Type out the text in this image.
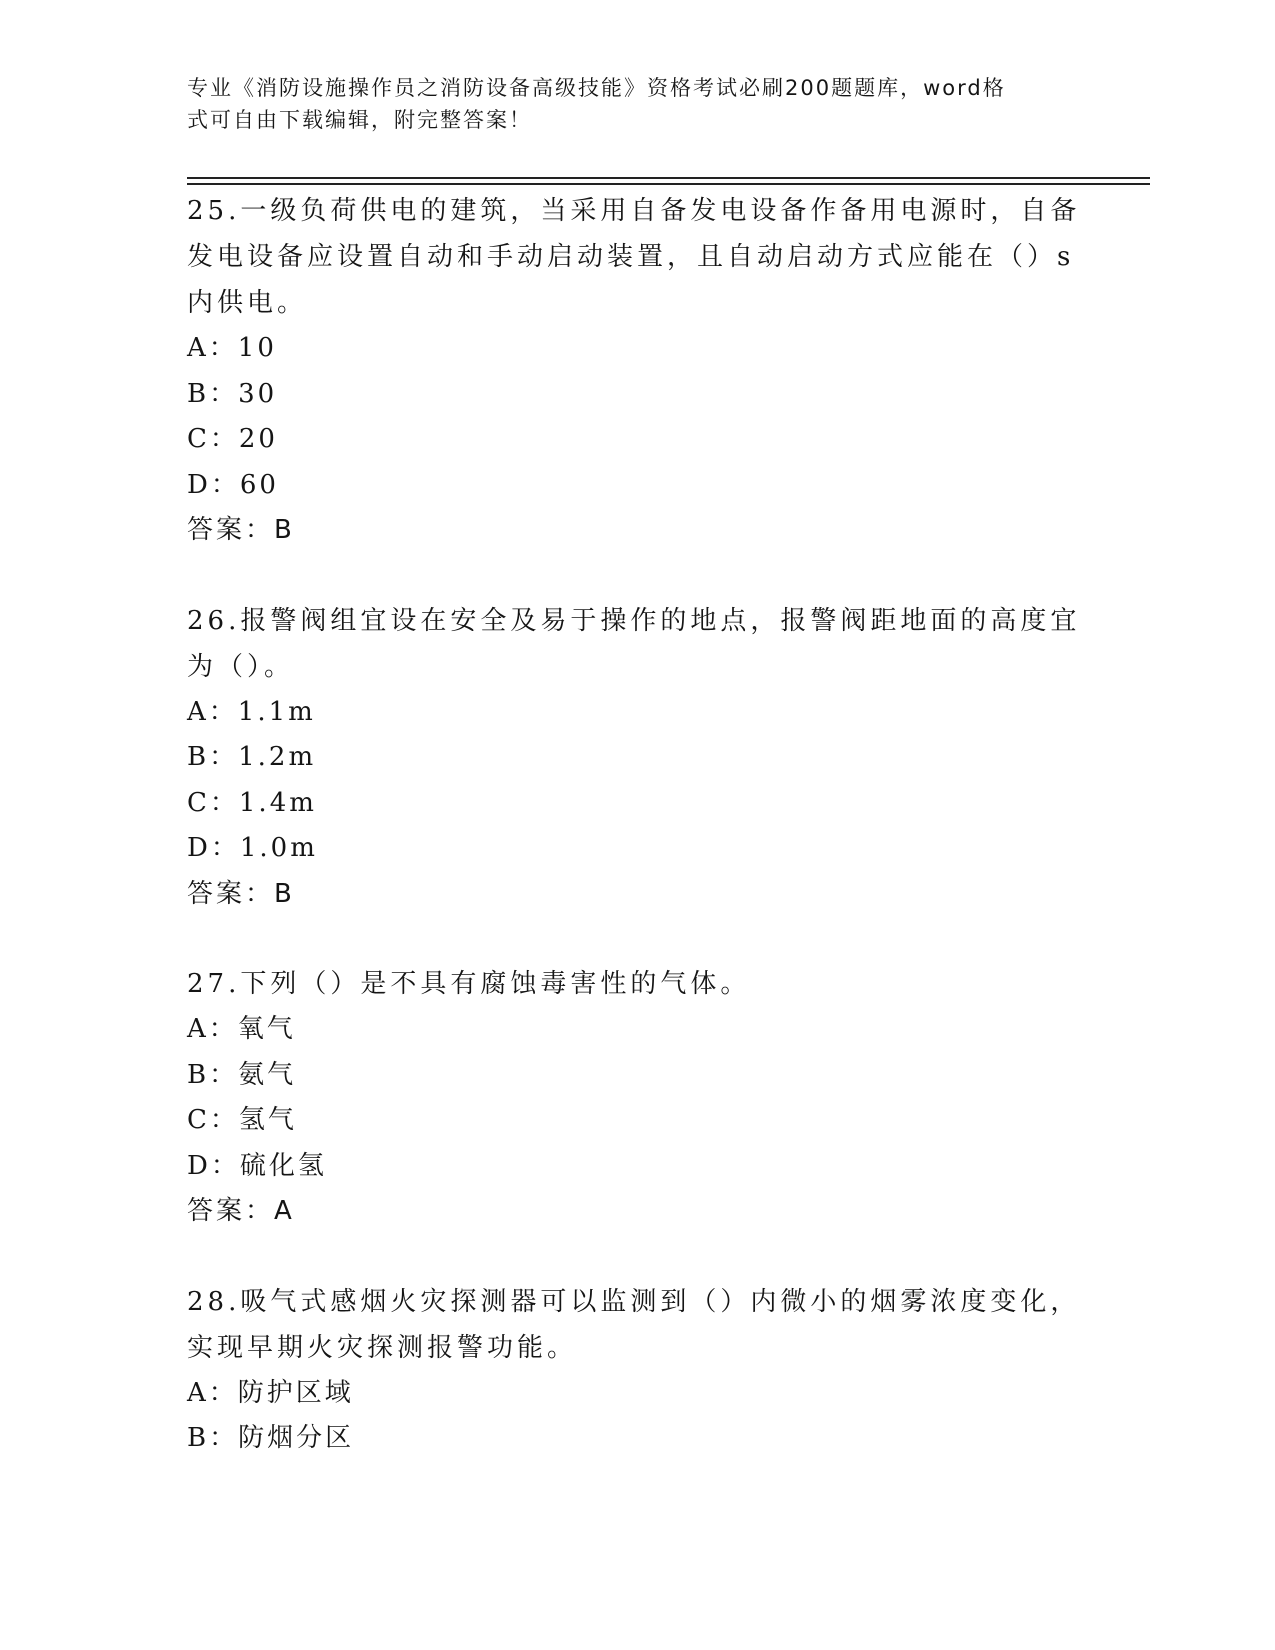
专业《消防设施操作员之消防设备高级技能》资格考试必刷200题题库，word格
式可自由下载编辑，附完整答案！

25.一级负荷供电的建筑，当采用自备发电设备作备用电源时，自备发电设备应设置自动和手动启动装置，且自动启动方式应能在（）s内供电。

A：10

B：30

C：20

D：60

答案：B

26.报警阀组宜设在安全及易于操作的地点，报警阀距地面的高度宜为（）。

A：1.1m

B：1.2m

C：1.4m

D：1.0m

答案：B

27.下列（）是不具有腐蚀毒害性的气体。

A：氧气

B：氨气

C：氢气

D：硫化氢

答案：A

28.吸气式感烟火灾探测器可以监测到（）内微小的烟雾浓度变化，实现早期火灾探测报警功能。

A：防护区域

B：防烟分区
